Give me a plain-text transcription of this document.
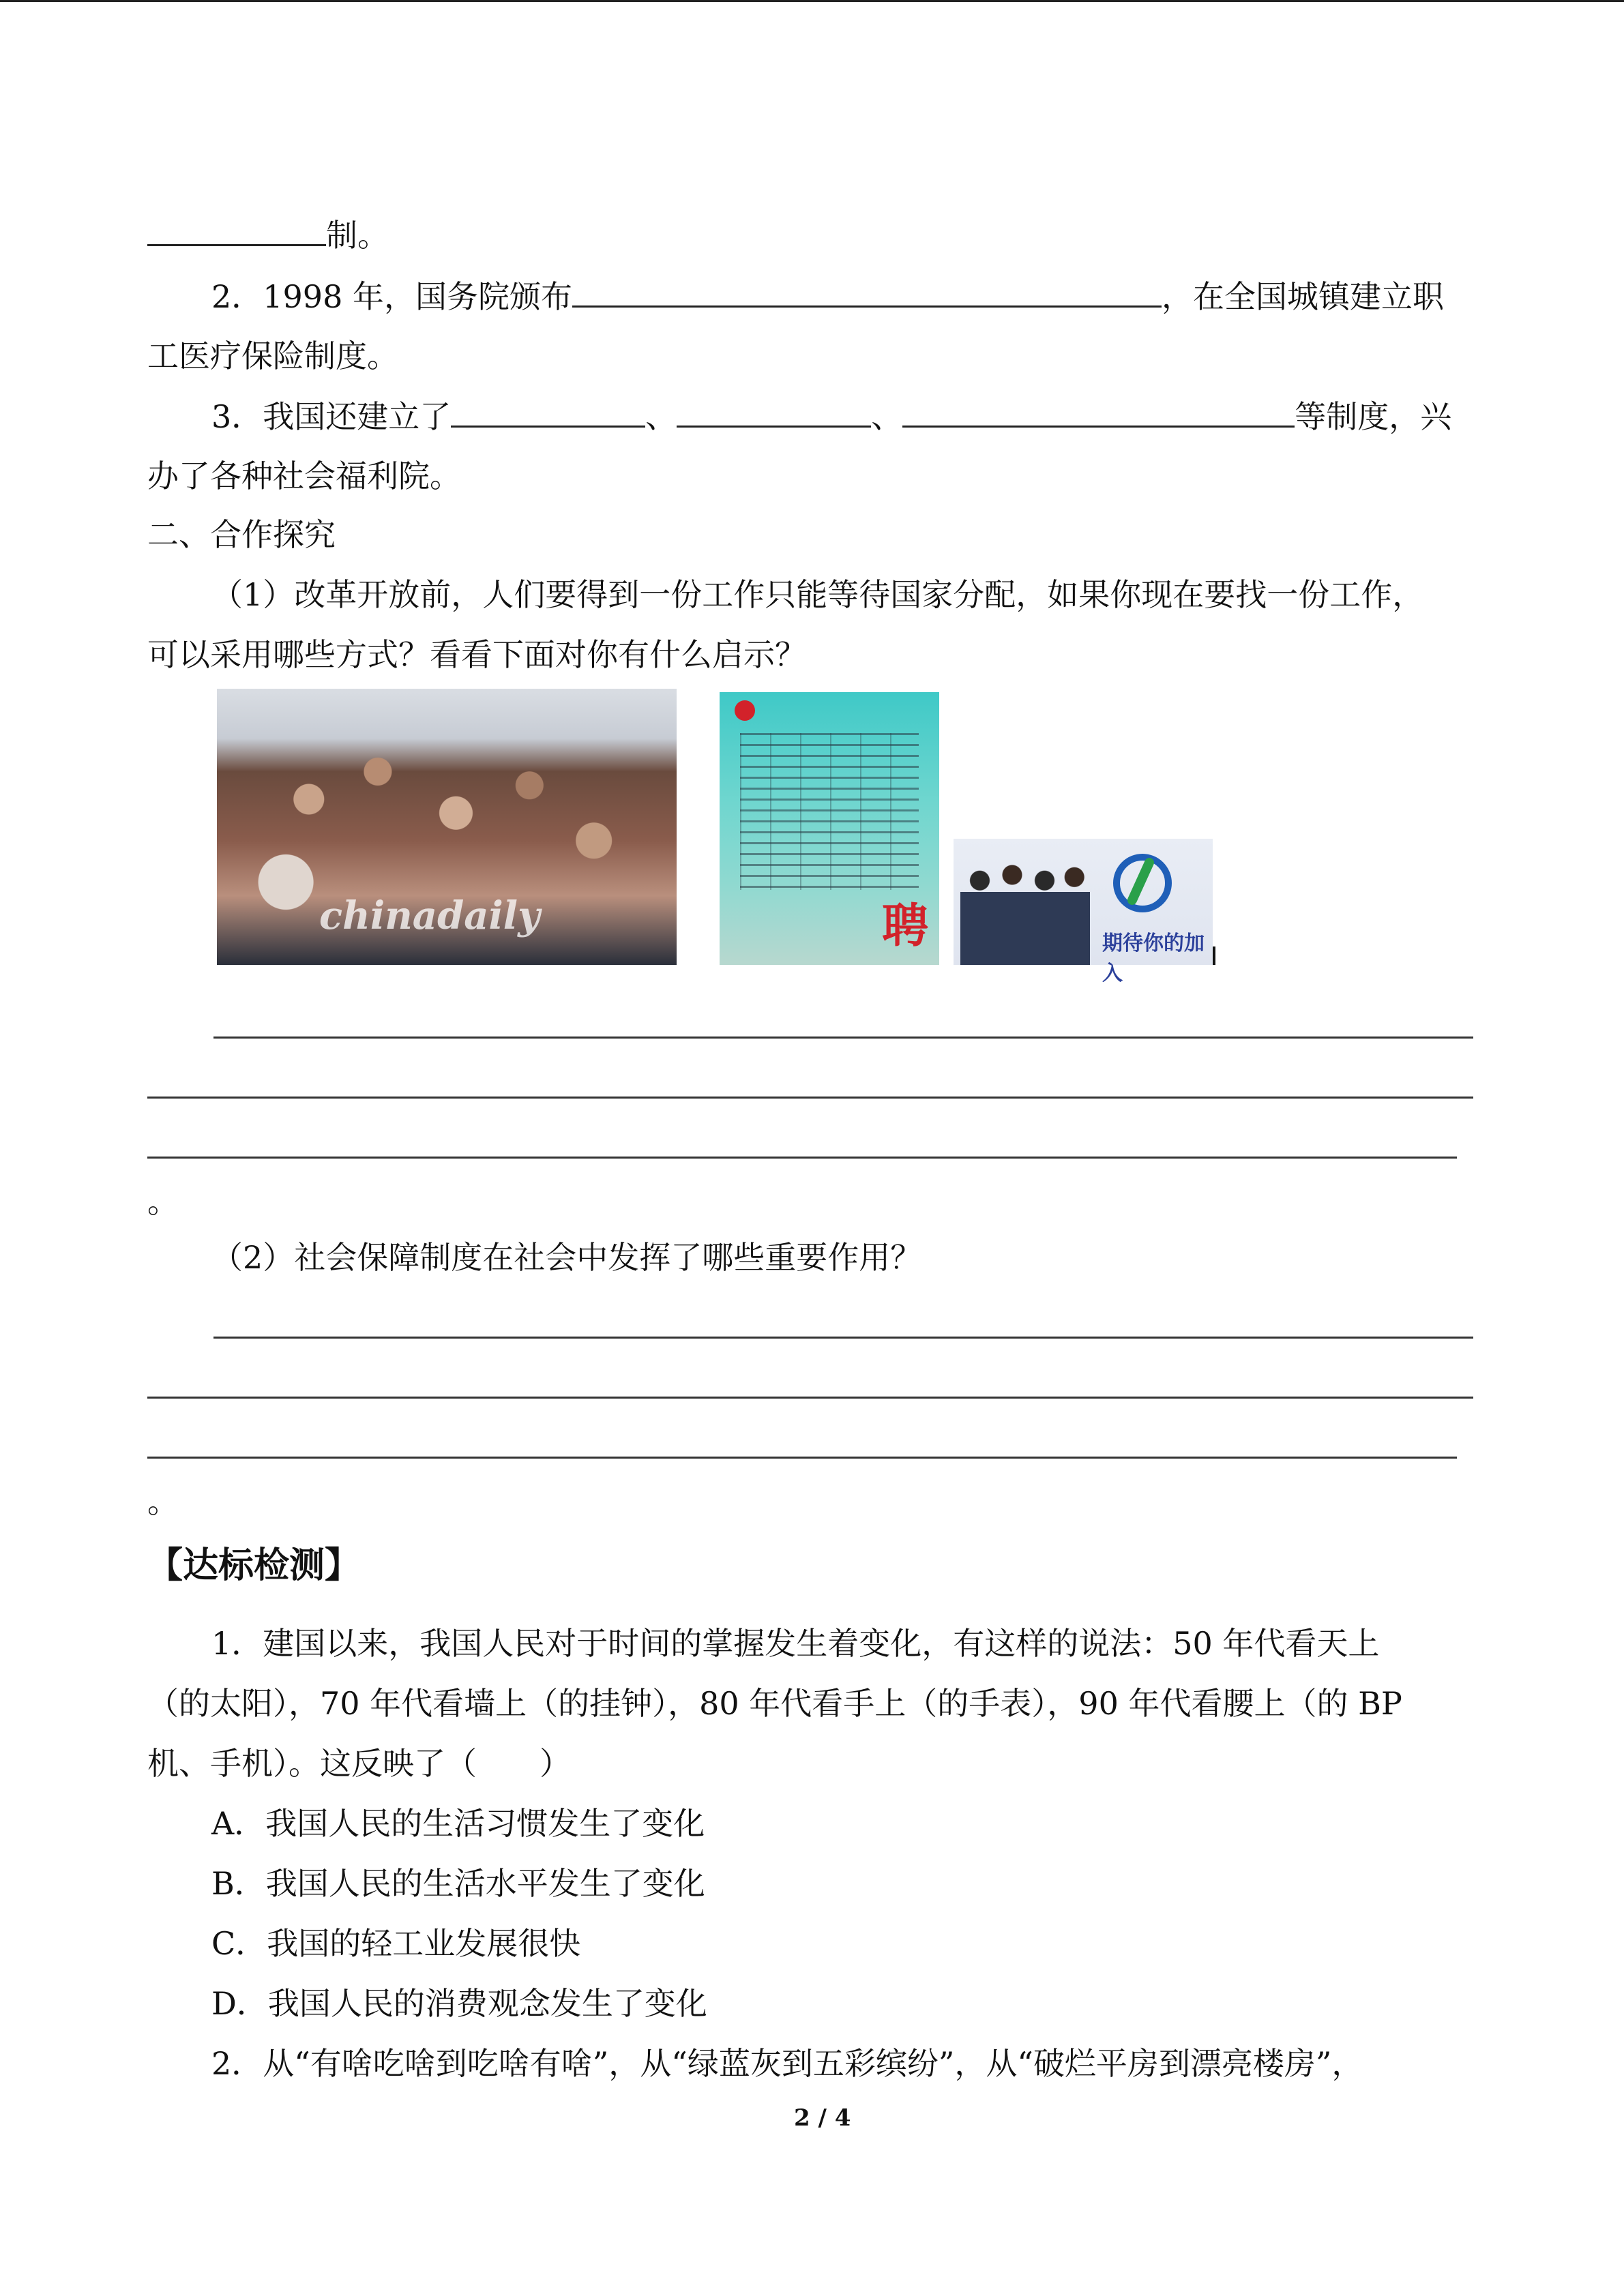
制。
2．1998 年，国务院颁布	，在全国城镇建立职
工医疗保险制度。
3．我国还建立了	、	、	等制度，兴
办了各种社会福利院。
二、合作探究
（1）改革开放前，人们要得到一份工作只能等待国家分配，如果你现在要找一份工作，
可以采用哪些方式？看看下面对你有什么启示？
chinadaily	聘	期待你的加入
。
（2）社会保障制度在社会中发挥了哪些重要作用？
。
【达标检测】
1．建国以来，我国人民对于时间的掌握发生着变化，有这样的说法：50 年代看天上
（的太阳），70 年代看墙上（的挂钟），80 年代看手上（的手表），90 年代看腰上（的 BP
机、手机）。这反映了（　　）
A．我国人民的生活习惯发生了变化
B．我国人民的生活水平发生了变化
C．我国的轻工业发展很快
D．我国人民的消费观念发生了变化
2．从“有啥吃啥到吃啥有啥”，从“绿蓝灰到五彩缤纷”，从“破烂平房到漂亮楼房”，
2 / 4
